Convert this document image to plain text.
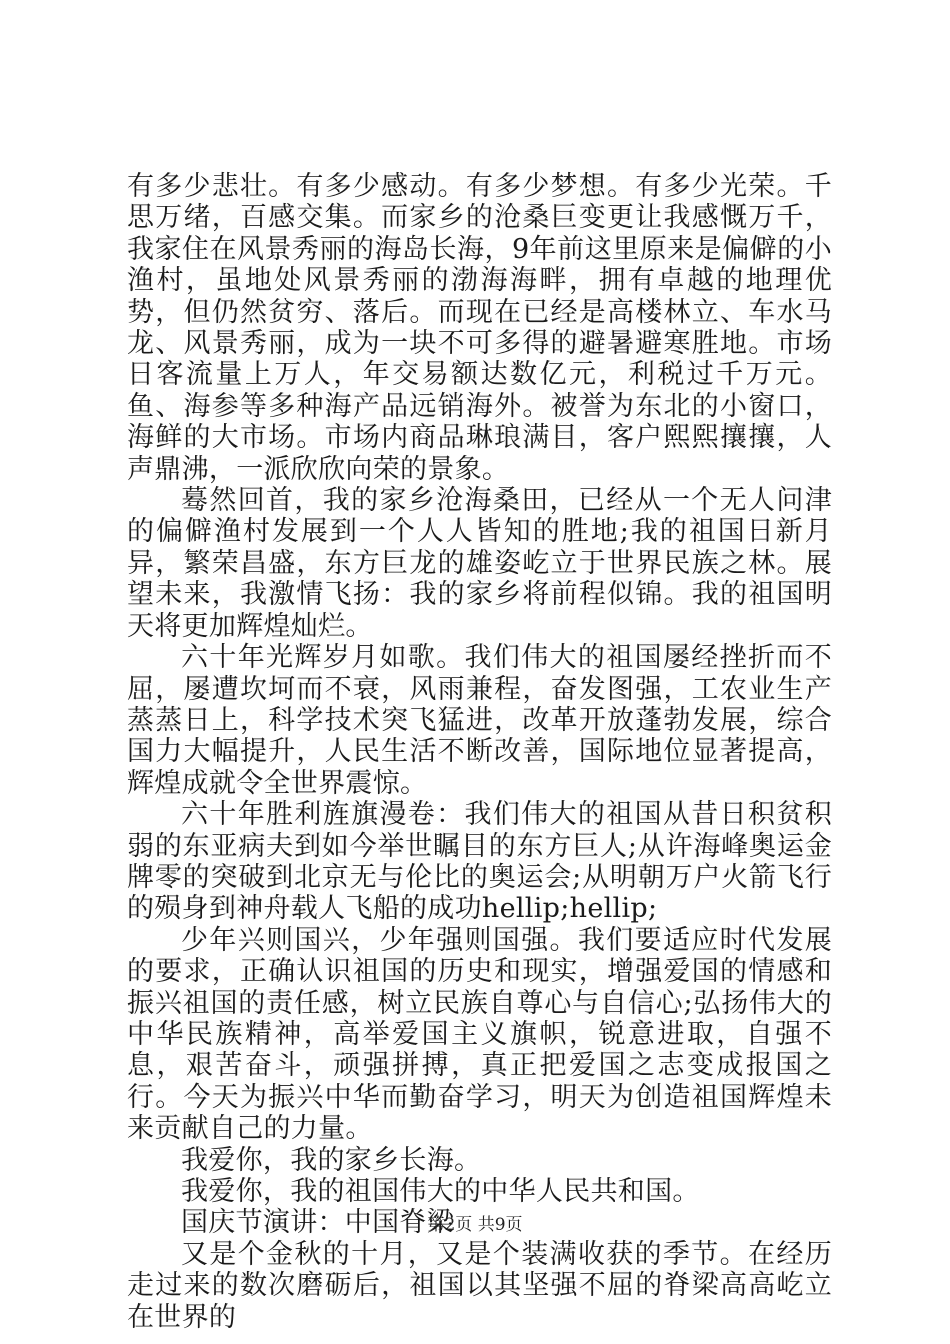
有多少悲壮。有多少感动。有多少梦想。有多少光荣。千思万绪，百感交集。而家乡的沧桑巨变更让我感慨万千，我家住在风景秀丽的海岛长海，9年前这里原来是偏僻的小渔村，虽地处风景秀丽的渤海海畔，拥有卓越的地理优势，但仍然贫穷、落后。而现在已经是高楼林立、车水马龙、风景秀丽，成为一块不可多得的避暑避寒胜地。市场日客流量上万人，年交易额达数亿元，利税过千万元。鱼、海参等多种海产品远销海外。被誉为东北的小窗口，海鲜的大市场。市场内商品琳琅满目，客户熙熙攘攘，人声鼎沸，一派欣欣向荣的景象。

蓦然回首，我的家乡沧海桑田，已经从一个无人问津的偏僻渔村发展到一个人人皆知的胜地;我的祖国日新月异，繁荣昌盛，东方巨龙的雄姿屹立于世界民族之林。展望未来，我激情飞扬：我的家乡将前程似锦。我的祖国明天将更加辉煌灿烂。

六十年光辉岁月如歌。我们伟大的祖国屡经挫折而不屈，屡遭坎坷而不衰，风雨兼程，奋发图强，工农业生产蒸蒸日上，科学技术突飞猛进，改革开放蓬勃发展，综合国力大幅提升，人民生活不断改善，国际地位显著提高，辉煌成就令全世界震惊。

六十年胜利旌旗漫卷：我们伟大的祖国从昔日积贫积弱的东亚病夫到如今举世瞩目的东方巨人;从许海峰奥运金牌零的突破到北京无与伦比的奥运会;从明朝万户火箭飞行的殒身到神舟载人飞船的成功hellip;hellip;

少年兴则国兴，少年强则国强。我们要适应时代发展的要求，正确认识祖国的历史和现实，增强爱国的情感和振兴祖国的责任感，树立民族自尊心与自信心;弘扬伟大的中华民族精神，高举爱国主义旗帜，锐意进取，自强不息，艰苦奋斗，顽强拼搏，真正把爱国之志变成报国之行。今天为振兴中华而勤奋学习，明天为创造祖国辉煌未来贡献自己的力量。

我爱你，我的家乡长海。

我爱你，我的祖国伟大的中华人民共和国。

国庆节演讲：中国脊梁

又是个金秋的十月，又是个装满收获的季节。在经历走过来的数次磨砺后，祖国以其坚强不屈的脊梁高高屹立在世界的

第2页 共9页
